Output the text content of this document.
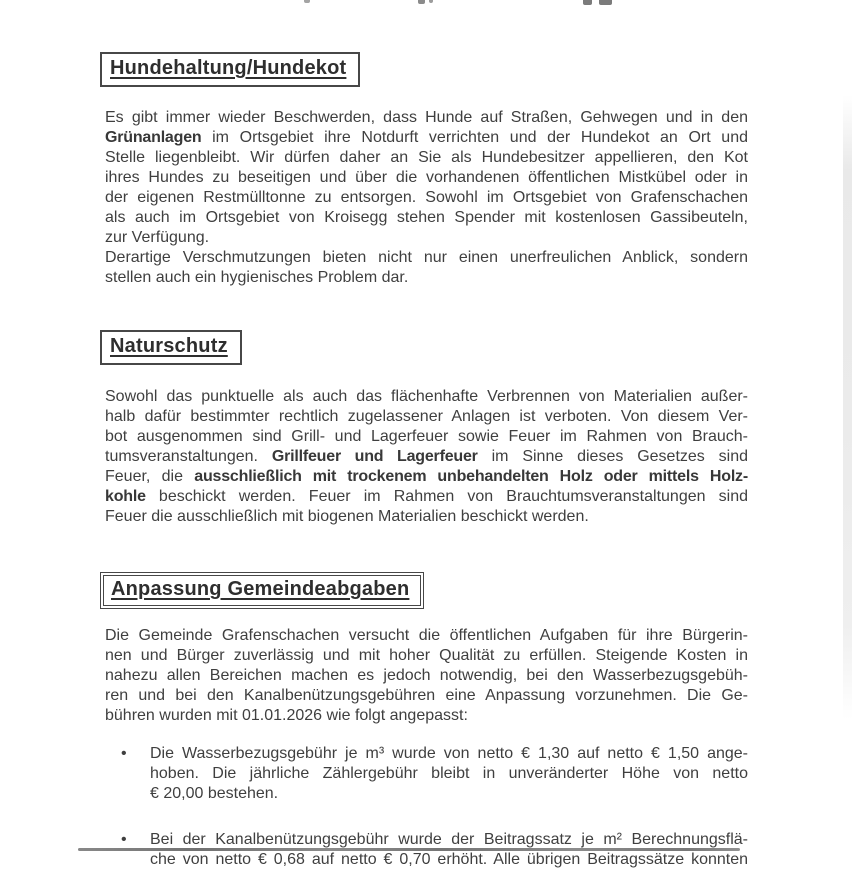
Hundehaltung/Hundekot
Es gibt immer wieder Beschwerden, dass Hunde auf Straßen, Gehwegen und in den
Grünanlagen im Ortsgebiet ihre Notdurft verrichten und der Hundekot an Ort und
Stelle liegenbleibt. Wir dürfen daher an Sie als Hundebesitzer appellieren, den Kot
ihres Hundes zu beseitigen und über die vorhandenen öffentlichen Mistkübel oder in
der eigenen Restmülltonne zu entsorgen. Sowohl im Ortsgebiet von Grafenschachen
als auch im Ortsgebiet von Kroisegg stehen Spender mit kostenlosen Gassibeuteln,
zur Verfügung.
Derartige Verschmutzungen bieten nicht nur einen unerfreulichen Anblick, sondern
stellen auch ein hygienisches Problem dar.
Naturschutz
Sowohl das punktuelle als auch das flächenhafte Verbrennen von Materialien außer-
halb dafür bestimmter rechtlich zugelassener Anlagen ist verboten. Von diesem Ver-
bot ausgenommen sind Grill- und Lagerfeuer sowie Feuer im Rahmen von Brauch-
tumsveranstaltungen. Grillfeuer und Lagerfeuer im Sinne dieses Gesetzes sind
Feuer, die ausschließlich mit trockenem unbehandelten Holz oder mittels Holz-
kohle beschickt werden. Feuer im Rahmen von Brauchtumsveranstaltungen sind
Feuer die ausschließlich mit biogenen Materialien beschickt werden.
Anpassung Gemeindeabgaben
Die Gemeinde Grafenschachen versucht die öffentlichen Aufgaben für ihre Bürgerin-
nen und Bürger zuverlässig und mit hoher Qualität zu erfüllen. Steigende Kosten in
nahezu allen Bereichen machen es jedoch notwendig, bei den Wasserbezugsgebüh-
ren und bei den Kanalbenützungsgebühren eine Anpassung vorzunehmen. Die Ge-
bühren wurden mit 01.01.2026 wie folgt angepasst:
•	Die Wasserbezugsgebühr je m³ wurde von netto € 1,30 auf netto € 1,50 ange-
hoben. Die jährliche Zählergebühr bleibt in unveränderter Höhe von netto
€ 20,00 bestehen.
•	Bei der Kanalbenützungsgebühr wurde der Beitragssatz je m² Berechnungsflä-
che von netto € 0,68 auf netto € 0,70 erhöht. Alle übrigen Beitragssätze konnten
